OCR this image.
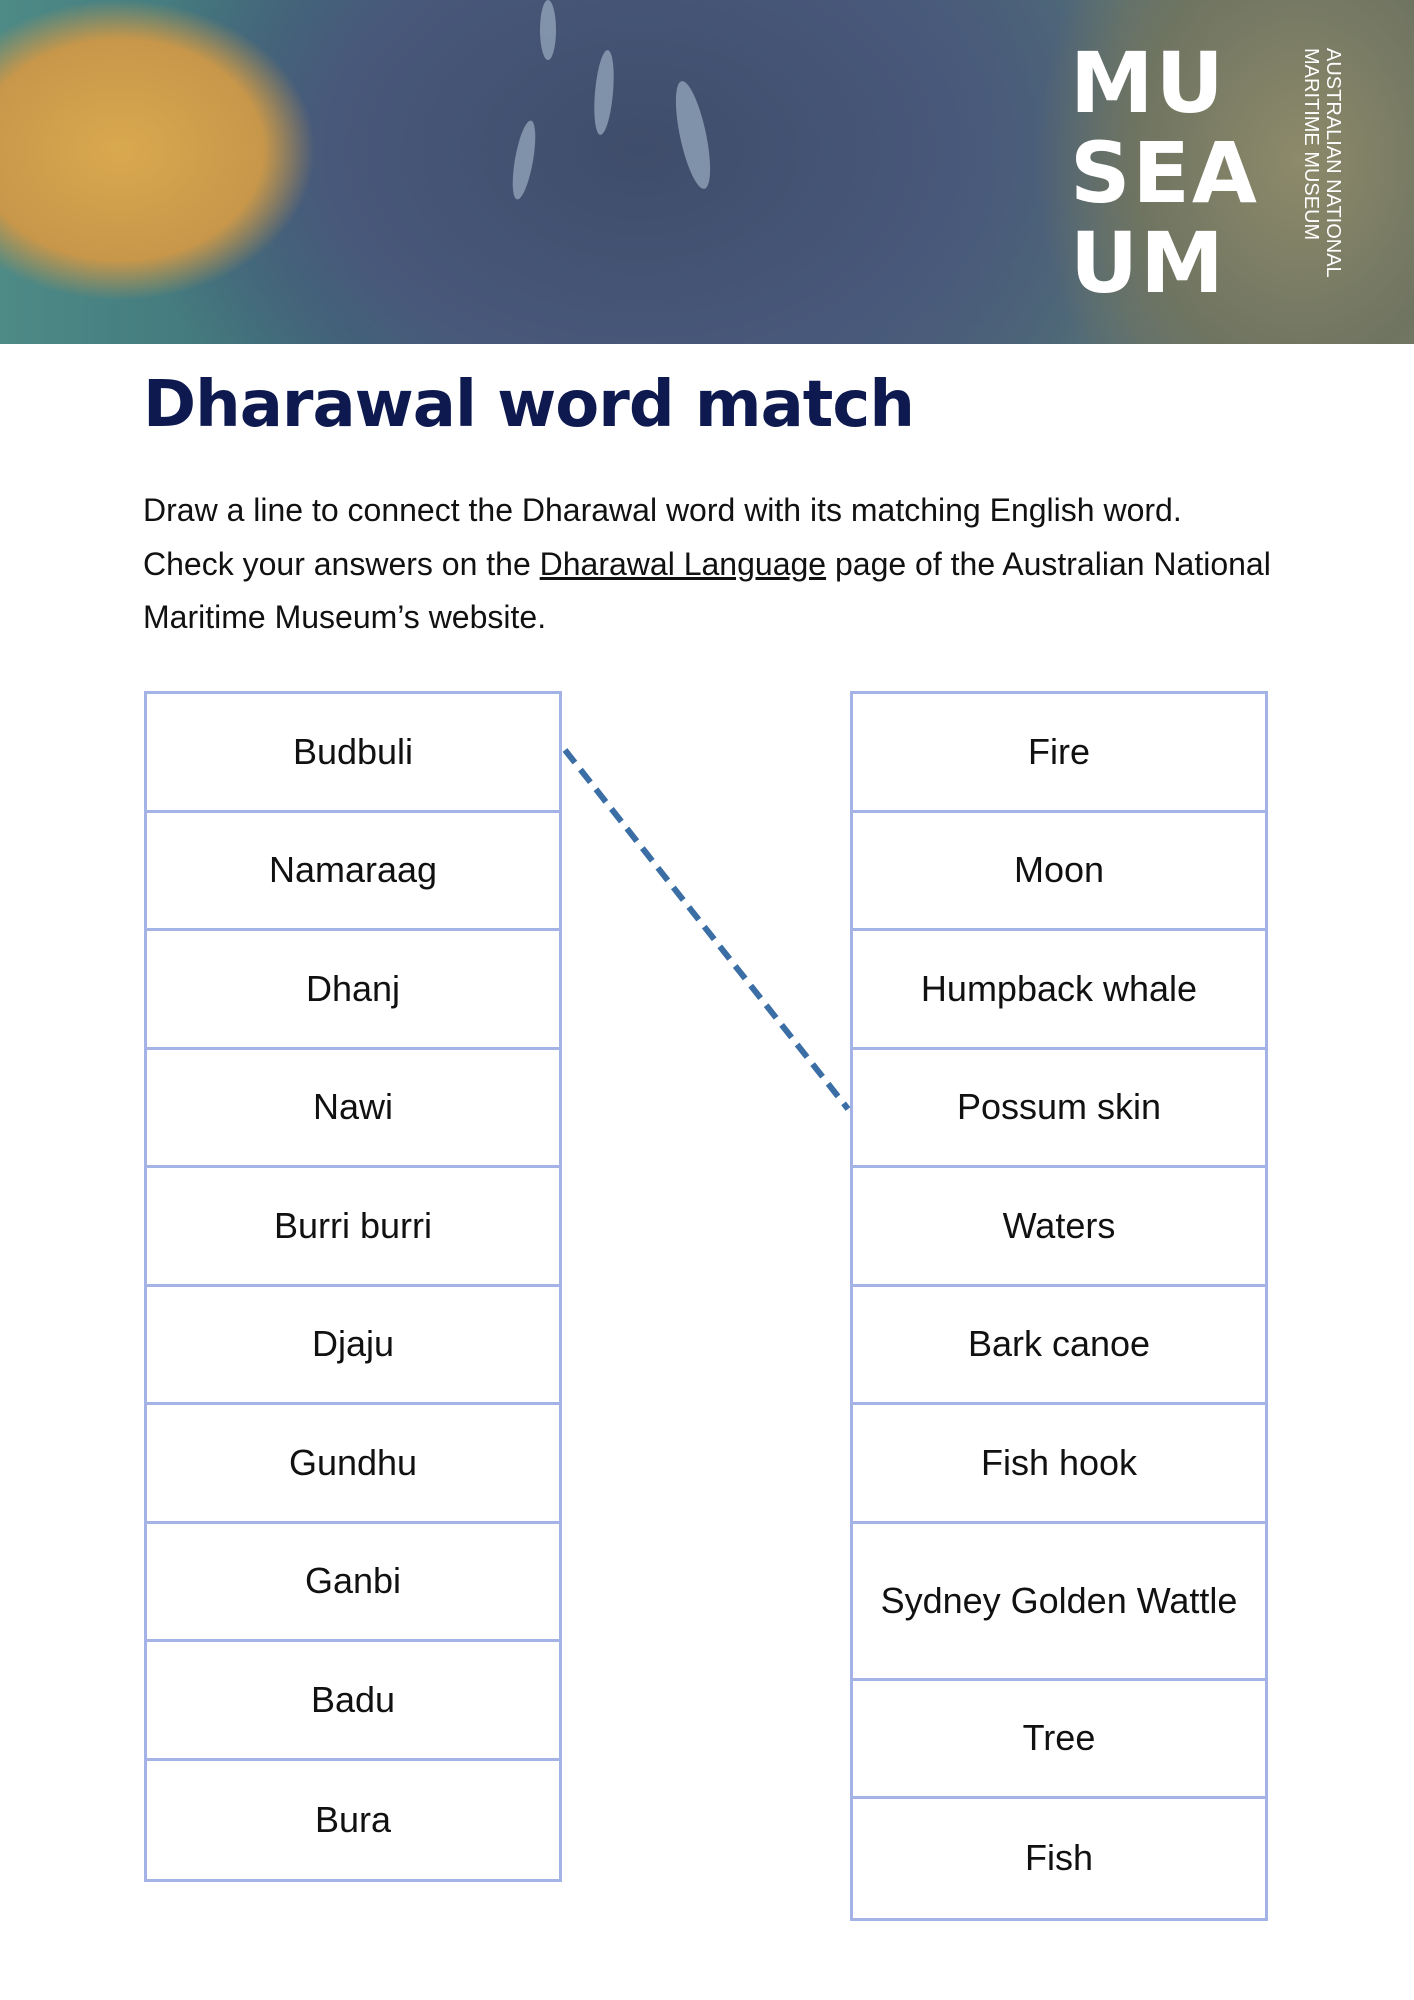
MU
SEA
UM
AUSTRALIAN NATIONAL
MARITIME MUSEUM
Dharawal word match

Draw a line to connect the Dharawal word with its matching English word. Check your answers on the Dharawal Language page of the Australian National Maritime Museum’s website.

Budbuli
Namaraag
Dhanj
Nawi
Burri burri
Djaju
Gundhu
Ganbi
Badu
Bura
Fire
Moon
Humpback whale
Possum skin
Waters
Bark canoe
Fish hook
Sydney Golden Wattle
Tree
Fish
